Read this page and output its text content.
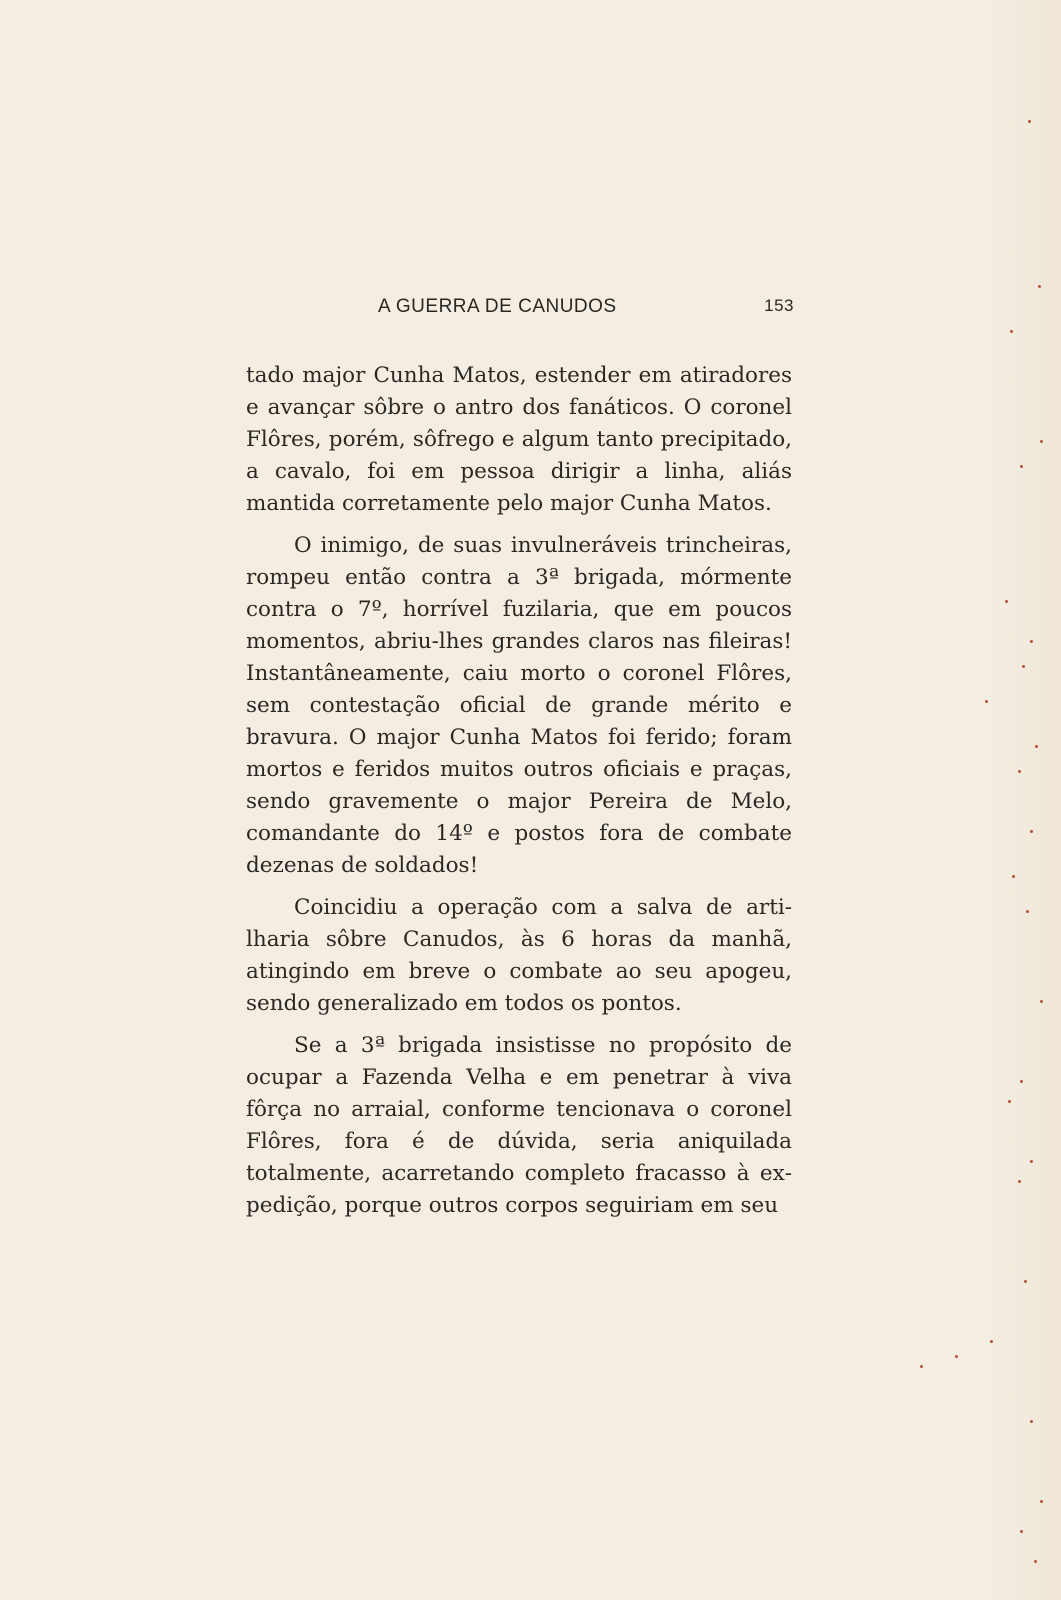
A GUERRA DE CANUDOS	153

tado major Cunha Matos, estender em atiradores e avançar sôbre o antro dos fanáticos. O coronel Flôres, porém, sôfrego e algum tanto precipitado, a cavalo, foi em pessoa dirigir a linha, aliás mantida corretamente pelo major Cunha Matos.

O inimigo, de suas invulneráveis trincheiras, rompeu então contra a 3ª brigada, mórmente contra o 7º, horrível fuzilaria, que em poucos momentos, abriu-lhes grandes claros nas fileiras! Instantâneamente, caiu morto o coronel Flôres, sem contestação oficial de grande mérito e bravura. O major Cunha Matos foi ferido; foram mortos e feridos muitos outros oficiais e praças, sendo gravemente o major Pereira de Melo, comandante do 14º e postos fora de combate dezenas de soldados!

Coincidiu a operação com a salva de artilharia sôbre Canudos, às 6 horas da manhã, atingindo em breve o combate ao seu apogeu, sendo generalizado em todos os pontos.

Se a 3ª brigada insistisse no propósito de ocupar a Fazenda Velha e em penetrar à viva fôrça no arraial, conforme tencionava o coronel Flôres, fora é de dúvida, seria aniquilada totalmente, acarretando completo fracasso à expedição, porque outros corpos seguiriam em seu
